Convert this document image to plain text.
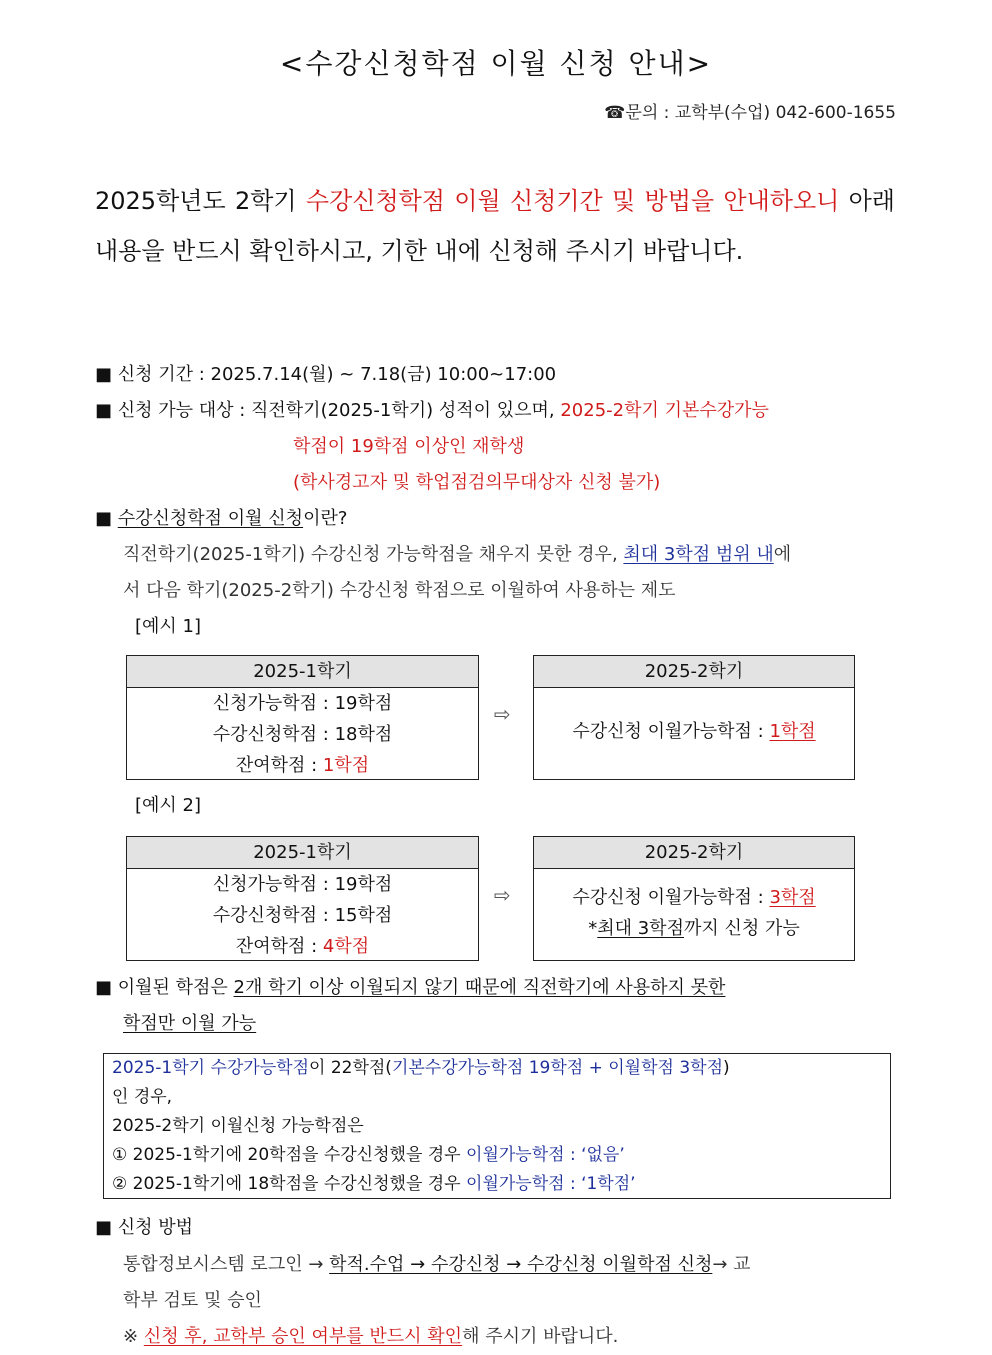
<수강신청학점 이월 신청 안내>
☎문의 : 교학부(수업) 042-600-1655
2025학년도 2학기 수강신청학점 이월 신청기간 및 방법을 안내하오니 아래 내용을 반드시 확인하시고, 기한 내에 신청해 주시기 바랍니다.
■ 신청 기간 : 2025.7.14(월) ~ 7.18(금) 10:00~17:00
■ 신청 가능 대상 : 직전학기(2025-1학기) 성적이 있으며, 2025-2학기 기본수강가능
학점이 19학점 이상인 재학생
(학사경고자 및 학업점검의무대상자 신청 불가)
■ 수강신청학점 이월 신청이란?
직전학기(2025-1학기) 수강신청 가능학점을 채우지 못한 경우, 최대 3학점 범위 내에
서 다음 학기(2025-2학기) 수강신청 학점으로 이월하여 사용하는 제도
[예시 1]
2025-1학기
신청가능학점 : 19학점
수강신청학점 : 18학점
잔여학점 : 1학점
⇨
2025-2학기
수강신청 이월가능학점 : 1학점
[예시 2]
2025-1학기
신청가능학점 : 19학점
수강신청학점 : 15학점
잔여학점 : 4학점
⇨
2025-2학기
수강신청 이월가능학점 : 3학점
*최대 3학점까지 신청 가능
■ 이월된 학점은 2개 학기 이상 이월되지 않기 때문에 직전학기에 사용하지 못한
학점만 이월 가능
2025-1학기 수강가능학점이 22학점(기본수강가능학점 19학점 + 이월학점 3학점)
인 경우,
2025-2학기 이월신청 가능학점은
① 2025-1학기에 20학점을 수강신청했을 경우 이월가능학점 : ‘없음’
② 2025-1학기에 18학점을 수강신청했을 경우 이월가능학점 : ‘1학점’
■ 신청 방법
통합정보시스템 로그인 → 학적.수업 → 수강신청 → 수강신청 이월학점 신청→ 교
학부 검토 및 승인
※ 신청 후, 교학부 승인 여부를 반드시 확인해 주시기 바랍니다.
